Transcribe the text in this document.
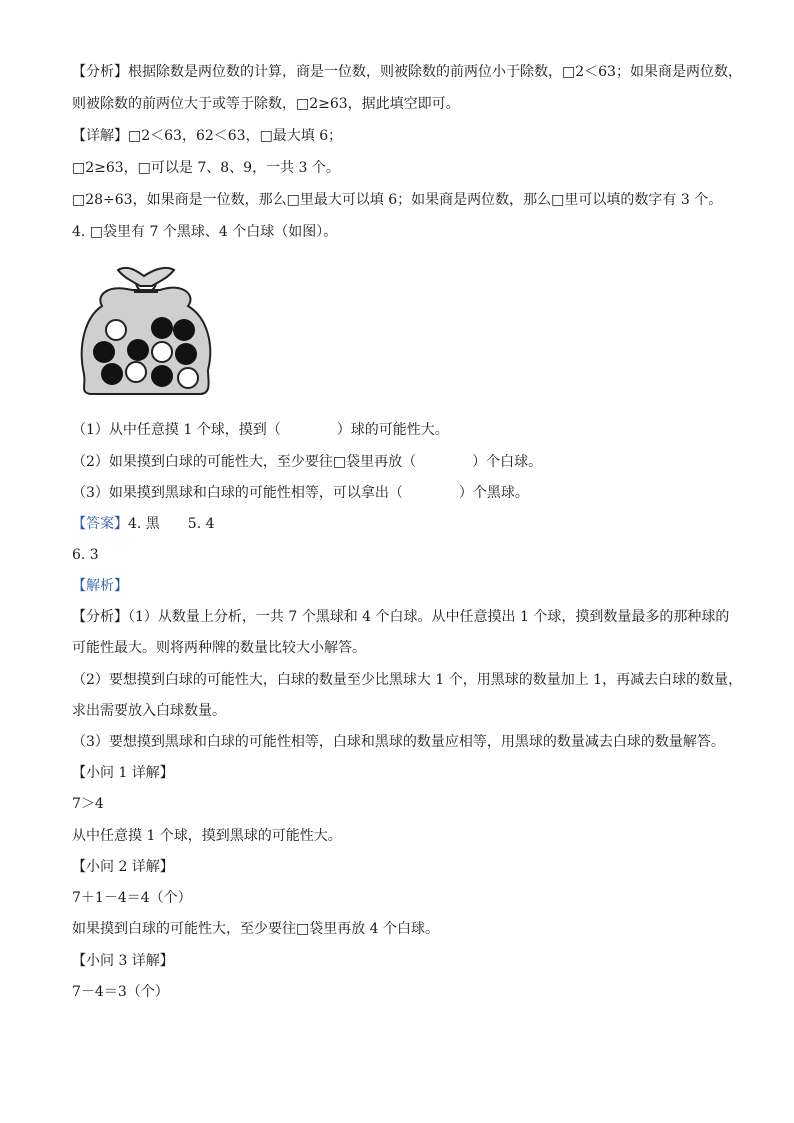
【分析】根据除数是两位数的计算，商是一位数，则被除数的前两位小于除数，□2＜63；如果商是两位数，
则被除数的前两位大于或等于除数，□2≥63，据此填空即可。
【详解】□2＜63，62＜63，□最大填 6；
□2≥63，□可以是 7、8、9，一共 3 个。
□28÷63，如果商是一位数，那么□里最大可以填 6；如果商是两位数，那么□里可以填的数字有 3 个。
4. □袋里有 7 个黑球、4 个白球（如图）。
（1）从中任意摸 1 个球，摸到（　　　　）球的可能性大。
（2）如果摸到白球的可能性大，至少要往□袋里再放（　　　　）个白球。
（3）如果摸到黑球和白球的可能性相等，可以拿出（　　　　）个黑球。
【答案】4. 黑　　5. 4
6. 3
【解析】
【分析】（1）从数量上分析，一共 7 个黑球和 4 个白球。从中任意摸出 1 个球，摸到数量最多的那种球的
可能性最大。则将两种牌的数量比较大小解答。
（2）要想摸到白球的可能性大，白球的数量至少比黑球大 1 个，用黑球的数量加上 1，再减去白球的数量，
求出需要放入白球数量。
（3）要想摸到黑球和白球的可能性相等，白球和黑球的数量应相等，用黑球的数量减去白球的数量解答。
【小问 1 详解】
7＞4
从中任意摸 1 个球，摸到黑球的可能性大。
【小问 2 详解】
7＋1－4＝4（个）
如果摸到白球的可能性大，至少要往□袋里再放 4 个白球。
【小问 3 详解】
7－4＝3（个）
